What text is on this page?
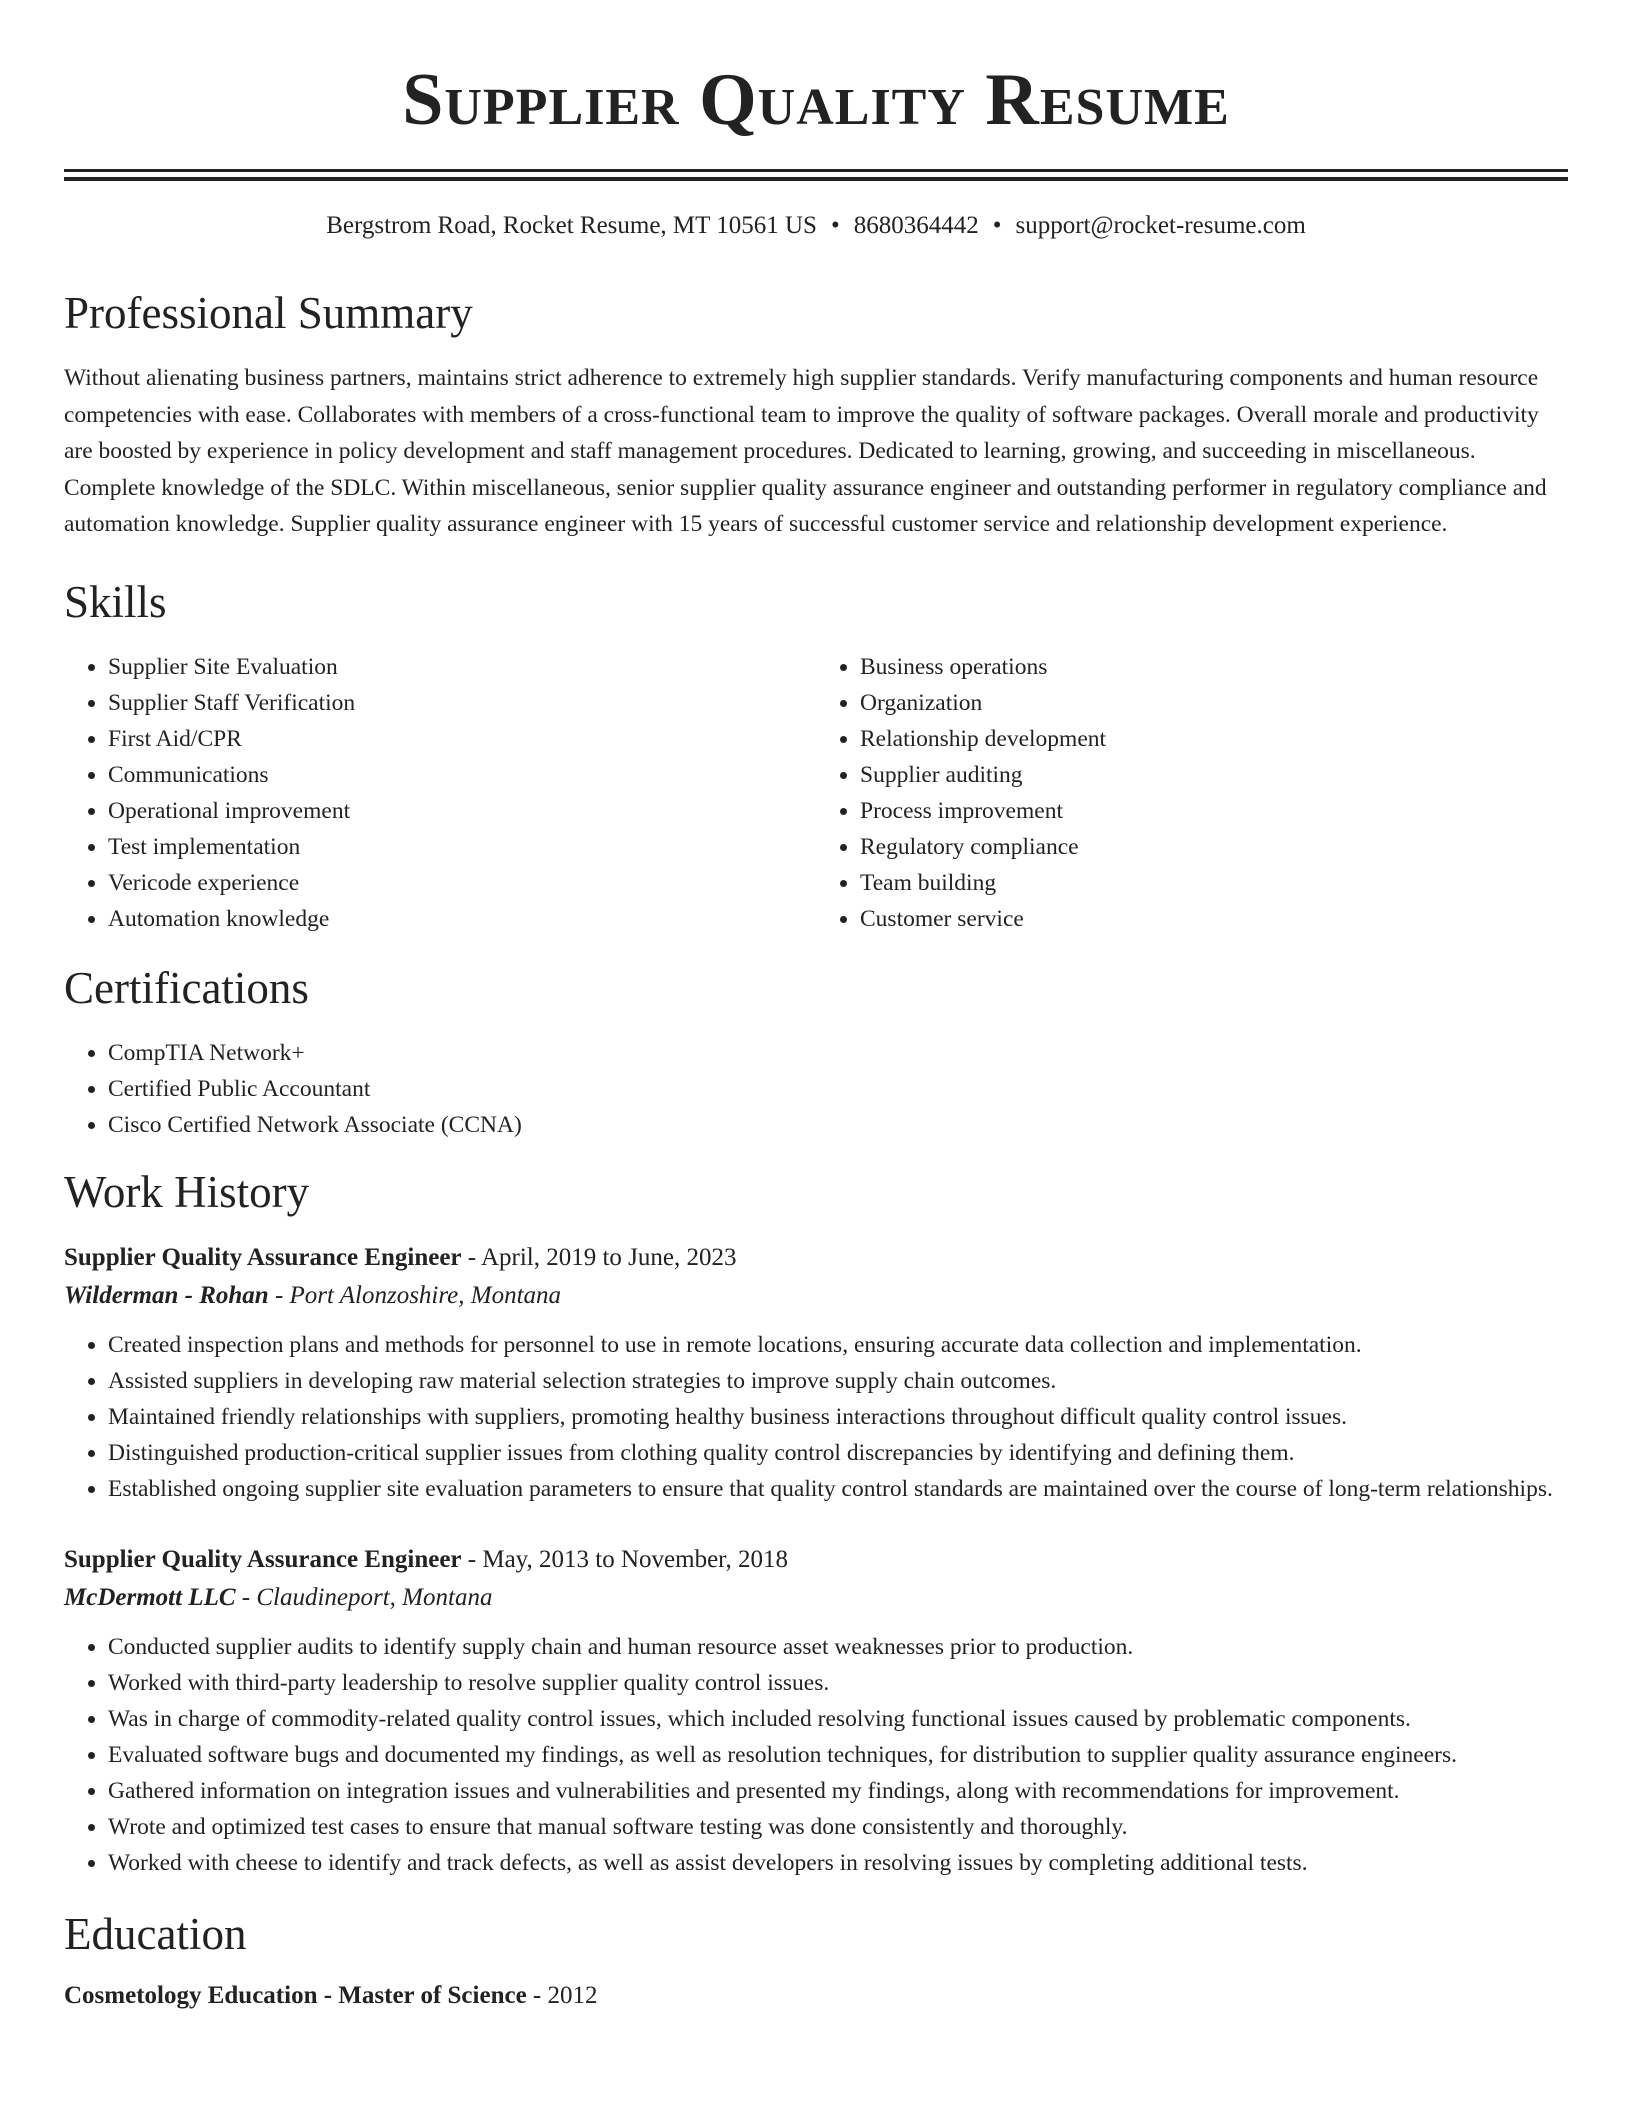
Supplier Quality Resume
Bergstrom Road, Rocket Resume, MT 10561 US • 8680364442 • support@rocket-resume.com
Professional Summary

Without alienating business partners, maintains strict adherence to extremely high supplier standards. Verify manufacturing components and human resource competencies with ease. Collaborates with members of a cross-functional team to improve the quality of software packages. Overall morale and productivity are boosted by experience in policy development and staff management procedures. Dedicated to learning, growing, and succeeding in miscellaneous. Complete knowledge of the SDLC. Within miscellaneous, senior supplier quality assurance engineer and outstanding performer in regulatory compliance and automation knowledge. Supplier quality assurance engineer with 15 years of successful customer service and relationship development experience.

Skills
• Supplier Site Evaluation
• Supplier Staff Verification
• First Aid/CPR
• Communications
• Operational improvement
• Test implementation
• Vericode experience
• Automation knowledge
• Business operations
• Organization
• Relationship development
• Supplier auditing
• Process improvement
• Regulatory compliance
• Team building
• Customer service
Certifications
• CompTIA Network+
• Certified Public Accountant
• Cisco Certified Network Associate (CCNA)
Work History
Supplier Quality Assurance Engineer - April, 2019 to June, 2023
Wilderman - Rohan - Port Alonzoshire, Montana
• Created inspection plans and methods for personnel to use in remote locations, ensuring accurate data collection and implementation.
• Assisted suppliers in developing raw material selection strategies to improve supply chain outcomes.
• Maintained friendly relationships with suppliers, promoting healthy business interactions throughout difficult quality control issues.
• Distinguished production-critical supplier issues from clothing quality control discrepancies by identifying and defining them.
• Established ongoing supplier site evaluation parameters to ensure that quality control standards are maintained over the course of long-term relationships.
Supplier Quality Assurance Engineer - May, 2013 to November, 2018
McDermott LLC - Claudineport, Montana
• Conducted supplier audits to identify supply chain and human resource asset weaknesses prior to production.
• Worked with third-party leadership to resolve supplier quality control issues.
• Was in charge of commodity-related quality control issues, which included resolving functional issues caused by problematic components.
• Evaluated software bugs and documented my findings, as well as resolution techniques, for distribution to supplier quality assurance engineers.
• Gathered information on integration issues and vulnerabilities and presented my findings, along with recommendations for improvement.
• Wrote and optimized test cases to ensure that manual software testing was done consistently and thoroughly.
• Worked with cheese to identify and track defects, as well as assist developers in resolving issues by completing additional tests.
Education
Cosmetology Education - Master of Science - 2012
